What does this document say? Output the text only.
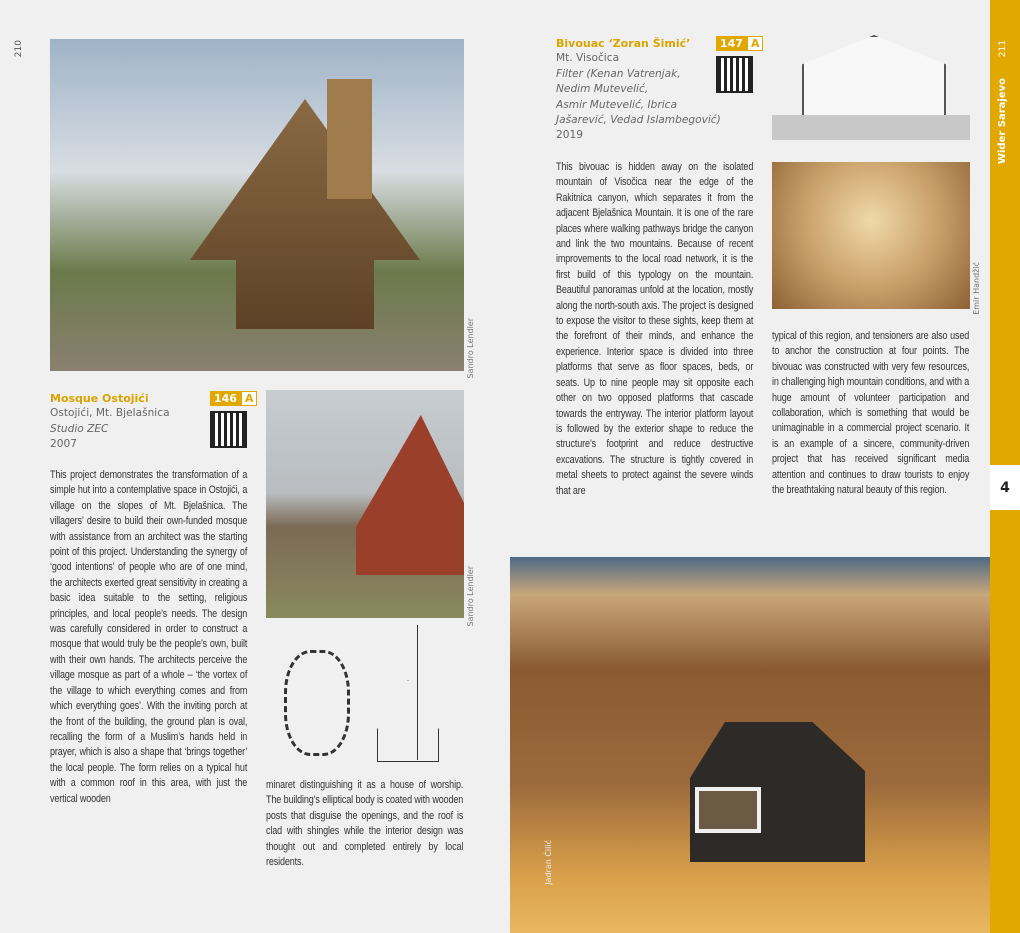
210
Sandro Lendler
Mosque Ostojići
Ostojići, Mt. Bjelašnica
Studio ZEC
2007
146 A
This project demonstrates the transformation of a simple hut into a contemplative space in Ostojići, a village on the slopes of Mt. Bjelašnica. The villagers’ desire to build their own-funded mosque with assistance from an architect was the starting point of this project. Understanding the synergy of ‘good intentions’ of people who are of one mind, the architects exerted great sensitivity in creating a basic idea suitable to the setting, religious principles, and local people’s needs. The design was carefully considered in order to construct a mosque that would truly be the people’s own, built with their own hands. The architects perceive the village mosque as part of a whole – ‘the vortex of the village to which everything comes and from which everything goes’. With the inviting porch at the front of the building, the ground plan is oval, recalling the form of a Muslim’s hands held in prayer, which is also a shape that ‘brings together’ the local people. The form relies on a typical hut with a common roof in this area, with just the vertical wooden
Sandro Lendler
minaret distinguishing it as a house of worship. The building’s elliptical body is coated with wooden posts that disguise the openings, and the roof is clad with shingles while the interior design was thought out and completed entirely by local residents.
Bivouac ‘Zoran Šimić’
Mt. Visočica
Filter (Kenan Vatrenjak,
Nedim Mutevelić,
Asmir Mutevelić, Ibrica
Jašarević, Vedad Islambegović)
2019
147 A
This bivouac is hidden away on the isolated mountain of Visočica near the edge of the Rakitnica canyon, which separates it from the adjacent Bjelašnica Mountain. It is one of the rare places where walking pathways bridge the canyon and link the two mountains. Because of recent improvements to the local road network, it is the first build of this typology on the mountain. Beautiful panoramas unfold at the location, mostly along the north-south axis. The project is designed to expose the visitor to these sights, keep them at the forefront of their minds, and enhance the experience. Interior space is divided into three platforms that serve as floor spaces, beds, or seats. Up to nine people may sit opposite each other on two opposed platforms that cascade towards the entryway. The interior platform layout is followed by the exterior shape to reduce the structure’s footprint and reduce destructive excavations. The structure is tightly covered in metal sheets to protect against the severe winds that are
Emir Handžić
typical of this region, and tensioners are also used to anchor the construction at four points. The bivouac was constructed with very few resources, in challenging high mountain conditions, and with a huge amount of volunteer participation and collaboration, which is something that would be unimaginable in a commercial project scenario. It is an example of a sincere, community-driven project that has received significant media attention and continues to draw tourists to enjoy the breathtaking natural beauty of this region.
Jadran Ćilić
211
Wider Sarajevo
4
